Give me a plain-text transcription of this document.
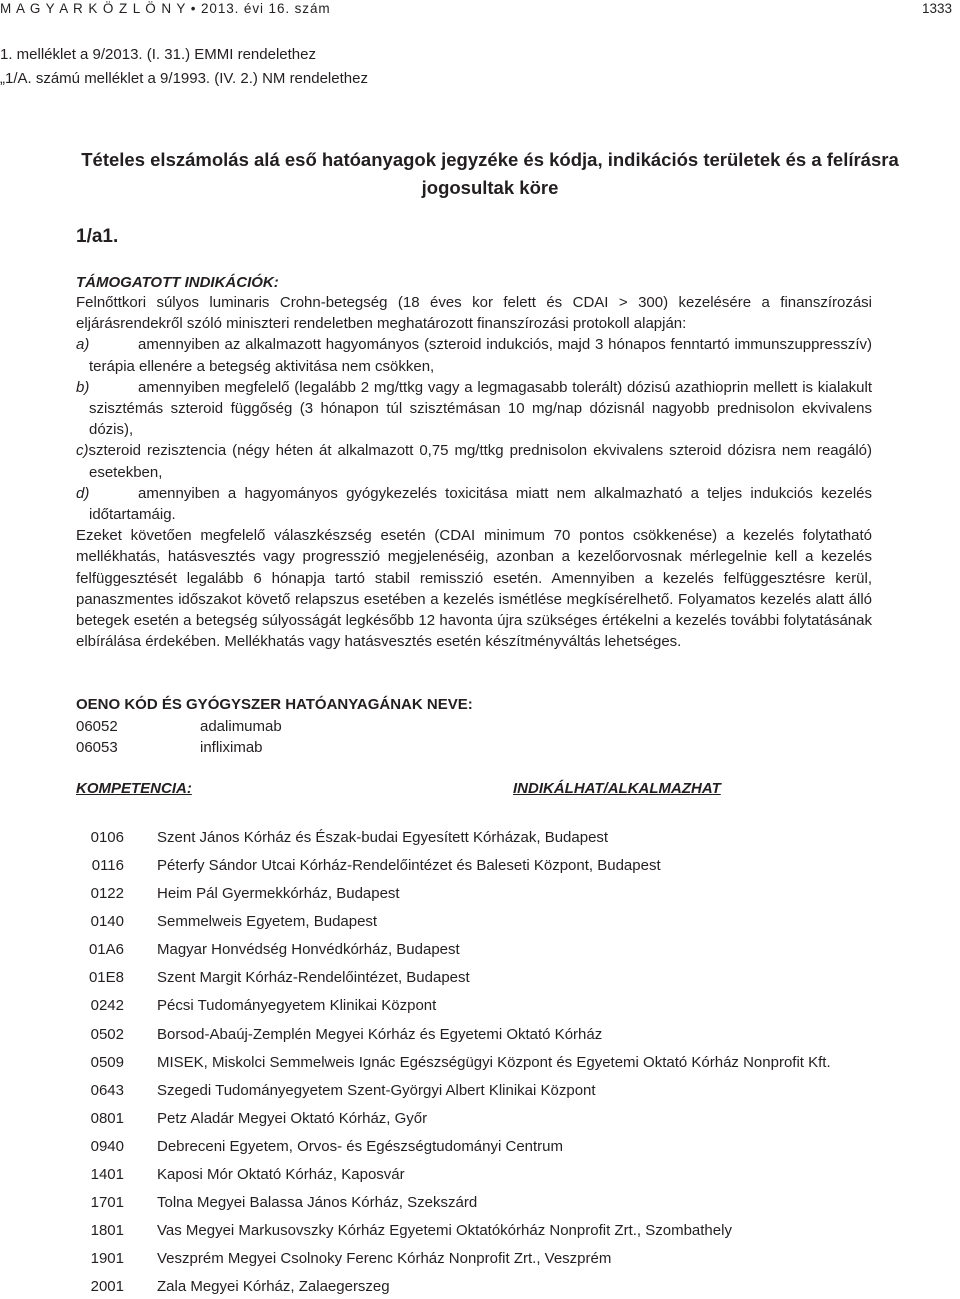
M A G Y A R K Ö Z L Ö N Y • 2013. évi 16. szám	1333
1. melléklet a 9/2013. (I. 31.) EMMI rendelethez
„1/A. számú melléklet a 9/1993. (IV. 2.) NM rendelethez
Tételes elszámolás alá eső hatóanyagok jegyzéke és kódja, indikációs területek és a felírásra jogosultak köre
1/a1.
TÁMOGATOTT INDIKÁCIÓK:

Felnőttkori súlyos luminaris Crohn-betegség (18 éves kor felett és CDAI > 300) kezelésére a finanszírozási eljárásrendekről szóló miniszteri rendeletben meghatározott finanszírozási protokoll alapján:

a)	amennyiben az alkalmazott hagyományos (szteroid indukciós, majd 3 hónapos fenntartó immunszuppresszív) terápia ellenére a betegség aktivitása nem csökken,

b)	amennyiben megfelelő (legalább 2 mg/ttkg vagy a legmagasabb tolerált) dózisú azathioprin mellett is kialakult szisztémás szteroid függőség (3 hónapon túl szisztémásan 10 mg/nap dózisnál nagyobb prednisolon ekvivalens dózis),

c)szteroid rezisztencia (négy héten át alkalmazott 0,75 mg/ttkg prednisolon ekvivalens szteroid dózisra nem reagáló) esetekben,

d)	amennyiben a hagyományos gyógykezelés toxicitása miatt nem alkalmazható a teljes indukciós kezelés időtartamáig.

Ezeket követően megfelelő válaszkészség esetén (CDAI minimum 70 pontos csökkenése) a kezelés folytatható mellékhatás, hatásvesztés vagy progresszió megjelenéséig, azonban a kezelőorvosnak mérlegelnie kell a kezelés felfüggesztését legalább 6 hónapja tartó stabil remisszió esetén. Amennyiben a kezelés felfüggesztésre kerül, panaszmentes időszakot követő relapszus esetében a kezelés ismétlése megkísérelhető. Folyamatos kezelés alatt álló betegek esetén a betegség súlyosságát legkésőbb 12 havonta újra szükséges értékelni a kezelés további folytatásának elbírálása érdekében. Mellékhatás vagy hatásvesztés esetén készítményváltás lehetséges.

OENO KÓD ÉS GYÓGYSZER HATÓANYAGÁNAK NEVE:
06052	adalimumab
06053	infliximab
KOMPETENCIA:	INDIKÁLHAT/ALKALMAZHAT
0106 Szent János Kórház és Észak-budai Egyesített Kórházak, Budapest
0116 Péterfy Sándor Utcai Kórház-Rendelőintézet és Baleseti Központ, Budapest
0122 Heim Pál Gyermekkórház, Budapest
0140 Semmelweis Egyetem, Budapest
01A6 Magyar Honvédség Honvédkórház, Budapest
01E8 Szent Margit Kórház-Rendelőintézet, Budapest
0242 Pécsi Tudományegyetem Klinikai Központ
0502 Borsod-Abaúj-Zemplén Megyei Kórház és Egyetemi Oktató Kórház
0509 MISEK, Miskolci Semmelweis Ignác Egészségügyi Központ és Egyetemi Oktató Kórház Nonprofit Kft.
0643 Szegedi Tudományegyetem Szent-Györgyi Albert Klinikai Központ
0801 Petz Aladár Megyei Oktató Kórház, Győr
0940 Debreceni Egyetem, Orvos- és Egészségtudományi Centrum
1401 Kaposi Mór Oktató Kórház, Kaposvár
1701 Tolna Megyei Balassa János Kórház, Szekszárd
1801 Vas Megyei Markusovszky Kórház Egyetemi Oktatókórház Nonprofit Zrt., Szombathely
1901 Veszprém Megyei Csolnoky Ferenc Kórház Nonprofit Zrt., Veszprém
2001 Zala Megyei Kórház, Zalaegerszeg
